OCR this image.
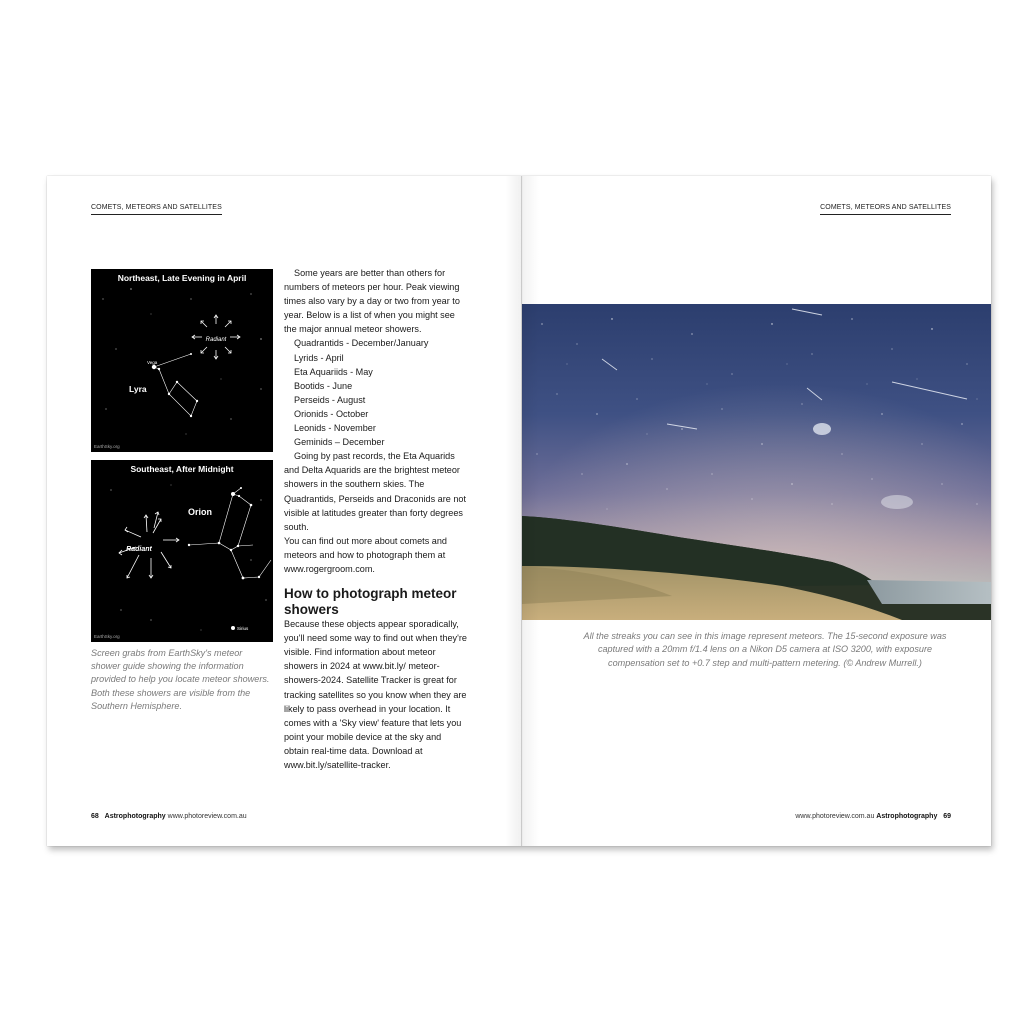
COMETS, METEORS AND SATELLITES
Radiant
Vega
Lyra
Northeast, Late Evening in April
EarthSky.org
Radiant
Orion
Sirius
Southeast, After Midnight
EarthSky.org
Screen grabs from EarthSky's meteor shower guide showing the information provided to help you locate meteor showers. Both these showers are visible from the Southern Hemisphere.

Some years are better than others for numbers of meteors per hour. Peak viewing times also vary by a day or two from year to year. Below is a list of when you might see the major annual meteor showers.

Quadrantids - December/January
Lyrids - April
Eta Aquariids - May
Bootids - June
Perseids - August
Orionids - October
Leonids - November
Geminids – December

Going by past records, the Eta Aquarids and Delta Aquarids are the brightest meteor showers in the southern skies. The Quadrantids, Perseids and Draconids are not visible at latitudes greater than forty degrees south.

You can find out more about comets and meteors and how to photograph them at www.rogergroom.com.

How to photograph meteor showers

Because these objects appear sporadically, you'll need some way to find out when they're visible. Find information about meteor showers in 2024 at www.bit.ly/ meteor-showers-2024. Satellite Tracker is great for tracking satellites so you know when they are likely to pass overhead in your location. It comes with a 'Sky view' feature that lets you point your mobile device at the sky and obtain real-time data. Download at www.bit.ly/satellite-tracker.

68 Astrophotography www.photoreview.com.au
COMETS, METEORS AND SATELLITES
All the streaks you can see in this image represent meteors. The 15-second exposure was captured with a 20mm f/1.4 lens on a Nikon D5 camera at ISO 3200, with exposure compensation set to +0.7 step and multi-pattern metering. (© Andrew Murrell.)
www.photoreview.com.au Astrophotography 69
